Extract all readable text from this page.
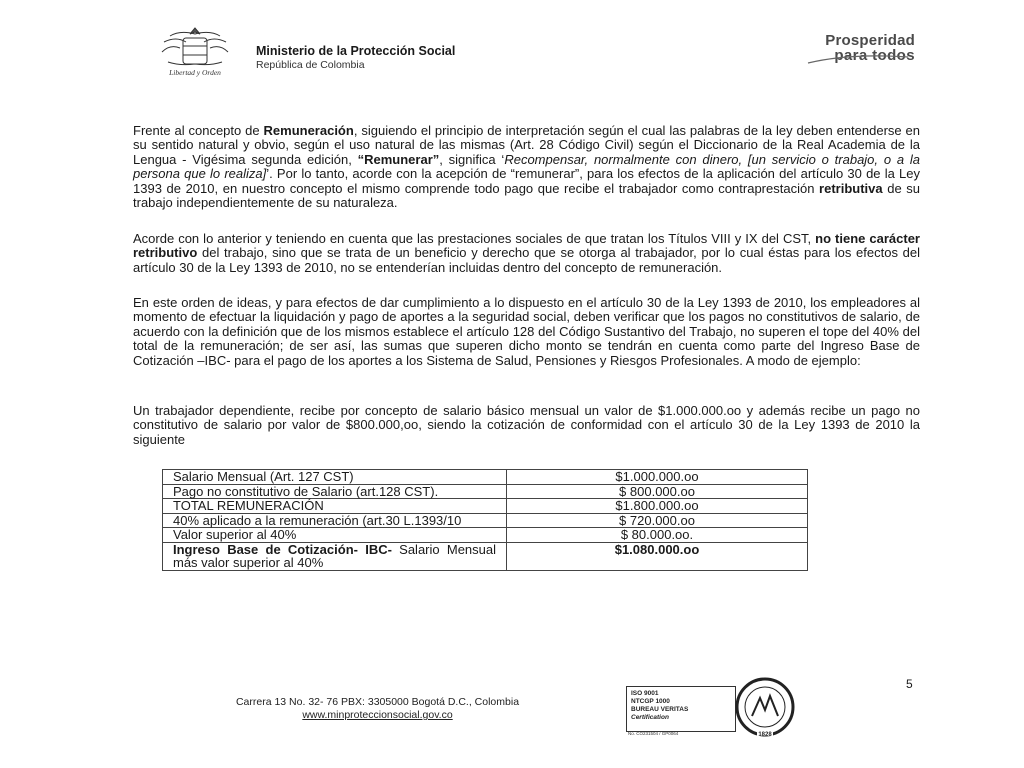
Libertad y Orden
Ministerio de la Protección Social
República de Colombia
Prosperidad
para todos
Frente al concepto de Remuneración, siguiendo el principio de interpretación según el cual las palabras de la ley deben entenderse en su sentido natural y obvio, según el uso natural de las mismas (Art. 28 Código Civil) según el Diccionario de la Real Academia de la Lengua - Vigésima segunda edición, “Remunerar”, significa ‘Recompensar, normalmente con dinero, [un servicio o trabajo, o a la persona que lo realiza]’. Por lo tanto, acorde con la acepción de “remunerar”, para los efectos de la aplicación del artículo 30 de la Ley 1393 de 2010, en nuestro concepto el mismo comprende todo pago que recibe el trabajador como contraprestación retributiva de su trabajo independientemente de su naturaleza.
Acorde con lo anterior y teniendo en cuenta que las prestaciones sociales de que tratan los Títulos VIII y IX del CST, no tiene carácter retributivo del trabajo, sino que se trata de un beneficio y derecho que se otorga al trabajador, por lo cual éstas para los efectos del artículo 30 de la Ley 1393 de 2010, no se entenderían incluidas dentro del concepto de remuneración.
En este orden de ideas, y para efectos de dar cumplimiento a lo dispuesto en el artículo 30 de la Ley 1393 de 2010, los empleadores al momento de efectuar la liquidación y pago de aportes a la seguridad social, deben verificar que los pagos no constitutivos de salario, de acuerdo con la definición que de los mismos establece el artículo 128 del Código Sustantivo del Trabajo, no superen el tope del 40% del total de la remuneración; de ser así, las sumas que superen dicho monto se tendrán en cuenta como parte del Ingreso Base de Cotización –IBC- para el pago de los aportes a los Sistema de Salud, Pensiones y Riesgos Profesionales. A modo de ejemplo:
Un trabajador dependiente, recibe por concepto de salario básico mensual un valor de $1.000.000.oo y además recibe un pago no constitutivo de salario por valor de $800.000,oo, siendo la cotización de conformidad con el artículo 30 de la Ley 1393 de 2010 la siguiente
Salario Mensual (Art. 127 CST)	$1.000.000.oo
Pago no constitutivo de Salario (art.128 CST).	$ 800.000.oo
TOTAL REMUNERACIÓN	$1.800.000.oo
40% aplicado a la remuneración (art.30 L.1393/10	$ 720.000.oo
Valor superior al 40%	$ 80.000.oo.
Ingreso Base de Cotización- IBC- Salario Mensual más valor superior al 40%	$1.080.000.oo
5
Carrera 13 No. 32- 76 PBX: 3305000 Bogotá D.C., Colombia
www.minproteccionsocial.gov.co
ISO 9001
NTCGP 1000
BUREAU VERITAS
Certification
No. CO231504 / GP0064	1828
